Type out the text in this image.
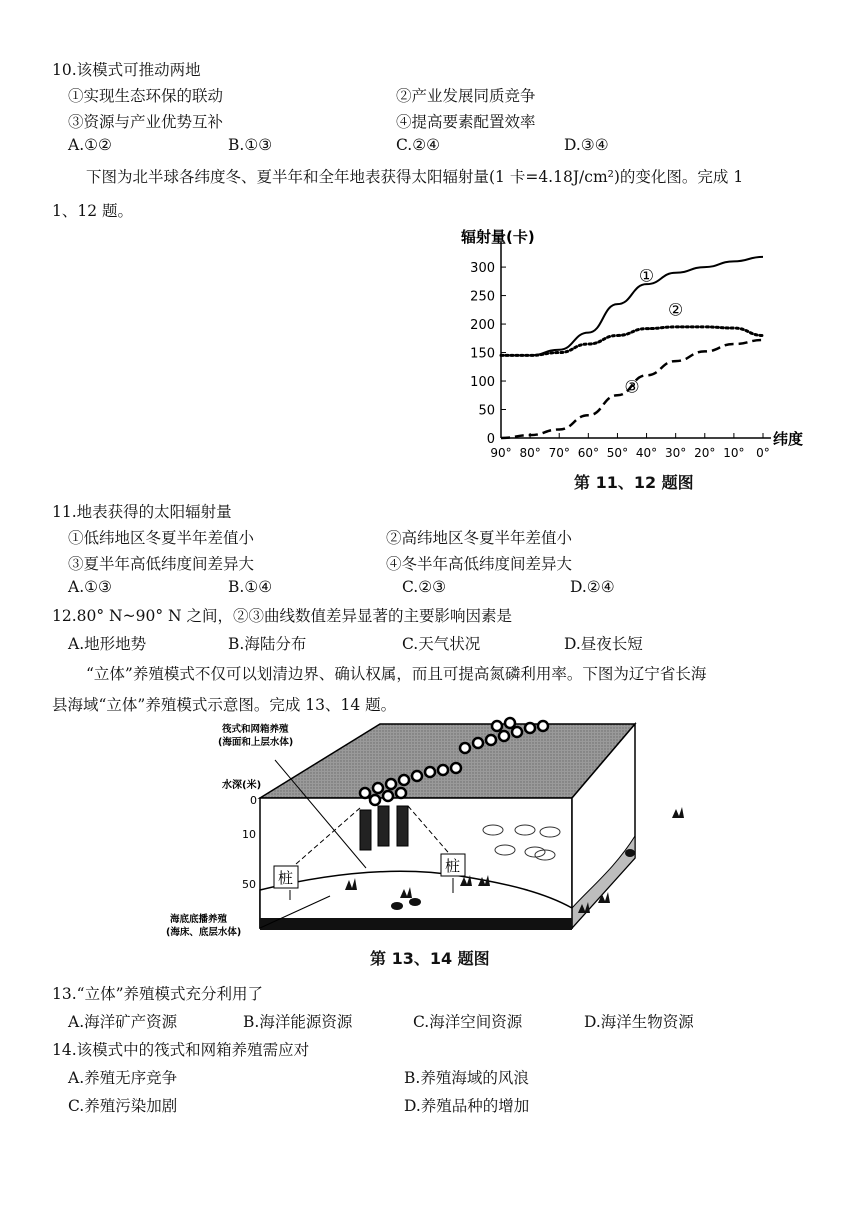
10.该模式可推动两地
①实现生态环保的联动	②产业发展同质竞争
③资源与产业优势互补	④提高要素配置效率
A.①②	B.①③	C.②④	D.③④
下图为北半球各纬度冬、夏半年和全年地表获得太阳辐射量(1 卡=4.18J/cm²)的变化图。完成 1
1、12 题。
辐射量(卡)
纬度
0
50
100
150
200
250
300
90° 80° 70° 60° 50° 40° 30° 20° 10° 0°
①
②
③
第 11、12 题图
11.地表获得的太阳辐射量
①低纬地区冬夏半年差值小	②高纬地区冬夏半年差值小
③夏半年高低纬度间差异大	④冬半年高低纬度间差异大
A.①③	B.①④	C.②③	D.②④
12.80° N~90° N 之间，②③曲线数值差异显著的主要影响因素是
A.地形地势	B.海陆分布	C.天气状况	D.昼夜长短
“立体”养殖模式不仅可以划清边界、确认权属，而且可提高氮磷利用率。下图为辽宁省长海
县海域“立体”养殖模式示意图。完成 13、14 题。
桩
桩
筏式和网箱养殖
(海面和上层水体)
水深(米)
0
10
50
海底底播养殖
(海床、底层水体)
第 13、14 题图
13.“立体”养殖模式充分利用了
A.海洋矿产资源	B.海洋能源资源	C.海洋空间资源	D.海洋生物资源
14.该模式中的筏式和网箱养殖需应对
A.养殖无序竞争	B.养殖海域的风浪
C.养殖污染加剧	D.养殖品种的增加
